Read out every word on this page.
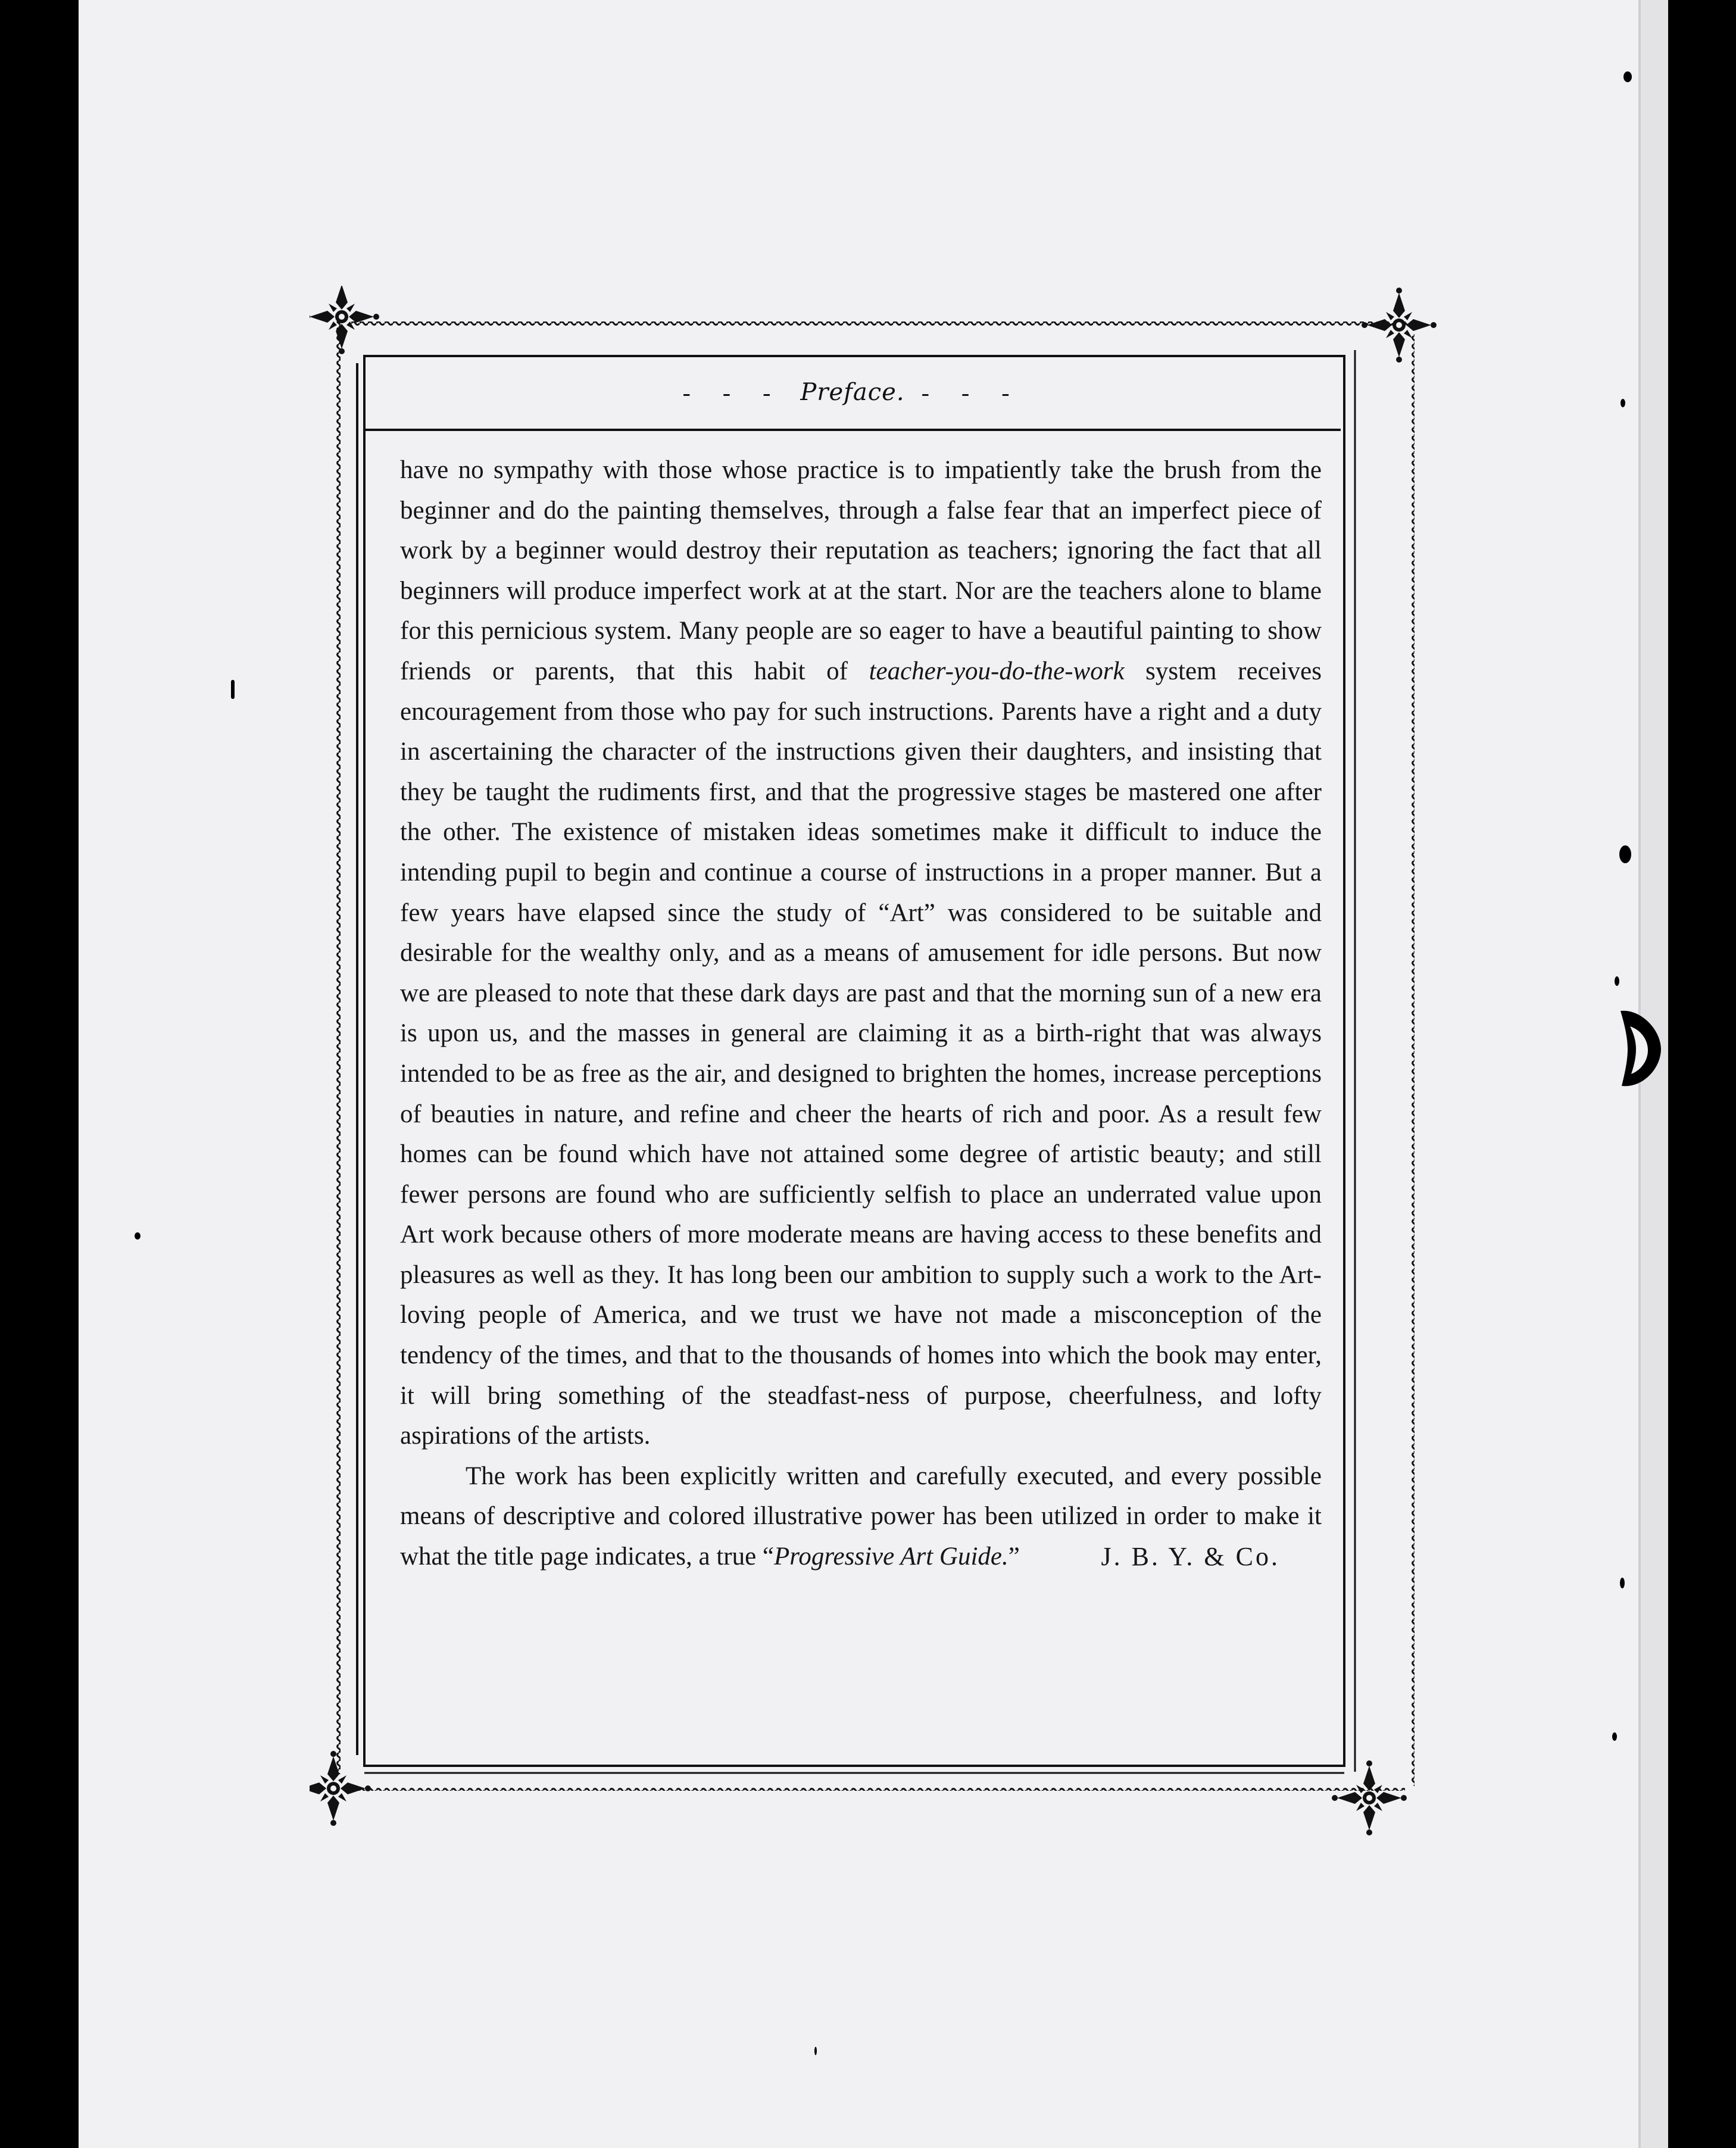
- - - Preface. - - -

have no sympathy with those whose practice is to impatiently take the brush from the beginner and do the painting themselves, through a false fear that an imperfect piece of work by a beginner would destroy their reputation as teachers; ignoring the fact that all beginners will produce imperfect work at at the start. Nor are the teachers alone to blame for this pernicious system. Many people are so eager to have a beautiful painting to show friends or parents, that this habit of teacher-you-do-the-work system receives encouragement from those who pay for such instructions. Parents have a right and a duty in ascertaining the character of the instructions given their daughters, and insisting that they be taught the rudiments first, and that the progressive stages be mastered one after the other. The existence of mistaken ideas sometimes make it difficult to induce the intending pupil to begin and continue a course of instructions in a proper manner. But a few years have elapsed since the study of “Art” was considered to be suitable and desirable for the wealthy only, and as a means of amusement for idle persons. But now we are pleased to note that these dark days are past and that the morning sun of a new era is upon us, and the masses in general are claiming it as a birth-right that was always intended to be as free as the air, and designed to brighten the homes, increase perceptions of beauties in nature, and refine and cheer the hearts of rich and poor. As a result few homes can be found which have not attained some degree of artistic beauty; and still fewer persons are found who are sufficiently selfish to place an underrated value upon Art work because others of more moderate means are having access to these benefits and pleasures as well as they. It has long been our ambition to supply such a work to the Art-loving people of America, and we trust we have not made a misconception of the tendency of the times, and that to the thousands of homes into which the book may enter, it will bring something of the steadfast-ness of purpose, cheerfulness, and lofty aspirations of the artists.

The work has been explicitly written and carefully executed, and every possible means of descriptive and colored illustrative power has been utilized in order to make it what the title page indicates, a true “Progressive Art Guide.”	J. B. Y. & Co.
